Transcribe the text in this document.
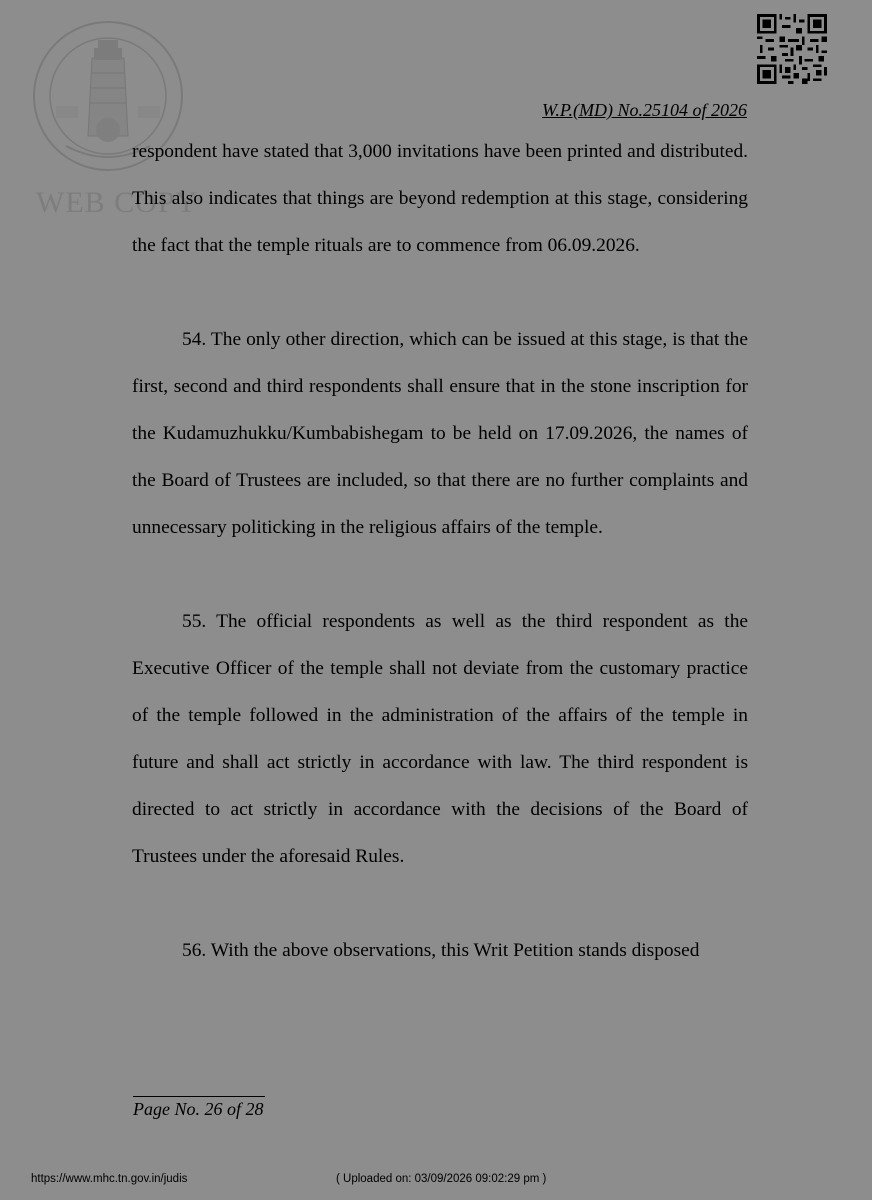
WEB COPY
W.P.(MD) No.25104 of 2026

respondent have stated that 3,000 invitations have been printed and distributed. This also indicates that things are beyond redemption at this stage, considering the fact that the temple rituals are to commence from 06.09.2026.

54. The only other direction, which can be issued at this stage, is that the first, second and third respondents shall ensure that in the stone inscription for the Kudamuzhukku/Kumbabishegam to be held on 17.09.2026, the names of the Board of Trustees are included, so that there are no further complaints and unnecessary politicking in the religious affairs of the temple.

55. The official respondents as well as the third respondent as the Executive Officer of the temple shall not deviate from the customary practice of the temple followed in the administration of the affairs of the temple in future and shall act strictly in accordance with law. The third respondent is directed to act strictly in accordance with the decisions of the Board of Trustees under the aforesaid Rules.

56. With the above observations, this Writ Petition stands disposed

Page No. 26 of 28
https://www.mhc.tn.gov.in/judis	( Uploaded on: 03/09/2026 09:02:29 pm )
